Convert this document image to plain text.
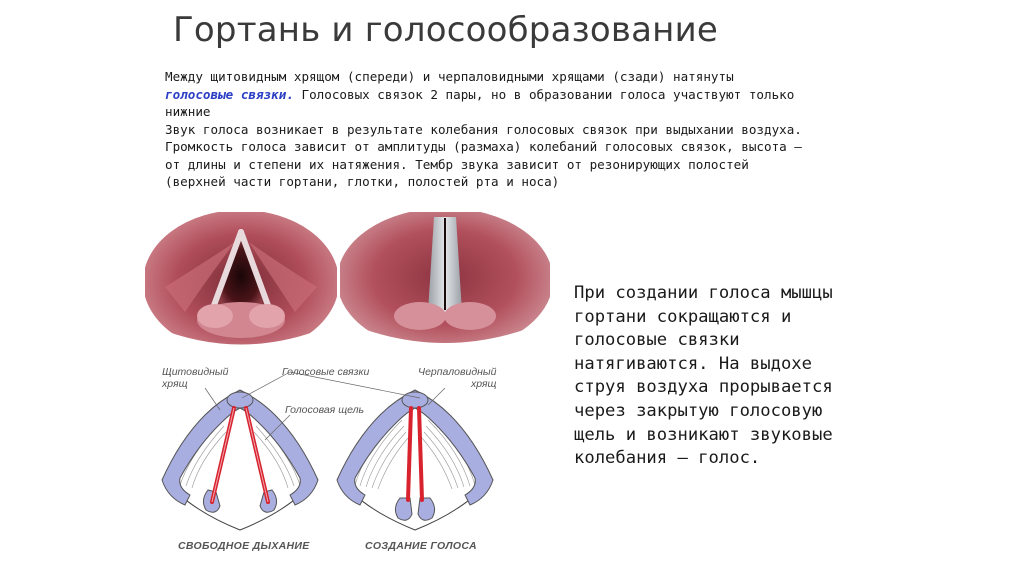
Гортань и голосообразование

Между щитовидным хрящом (спереди) и черпаловидными хрящами (сзади) натянуты голосовые связки. Голосовых связок 2 пары, но в образовании голоса участвуют только нижние

Звук голоса возникает в результате колебания голосовых связок при выдыхании воздуха. Громкость голоса зависит от амплитуды (размаха) колебаний голосовых связок, высота — от длины и степени их натяжения. Тембр звука зависит от резонирующих полостей (верхней части гортани, глотки, полостей рта и носа)

При создании голоса мышцы гортани сокращаются и голосовые связки натягиваются. На выдохе струя воздуха прорывается через закрытую голосовую щель и возникают звуковые колебания — голос.
Щитовидный
хрящ
Голосовые связки	Черпаловидный
хрящ
Голосовая щель
СВОБОДНОЕ ДЫХАНИЕ	СОЗДАНИЕ ГОЛОСА
